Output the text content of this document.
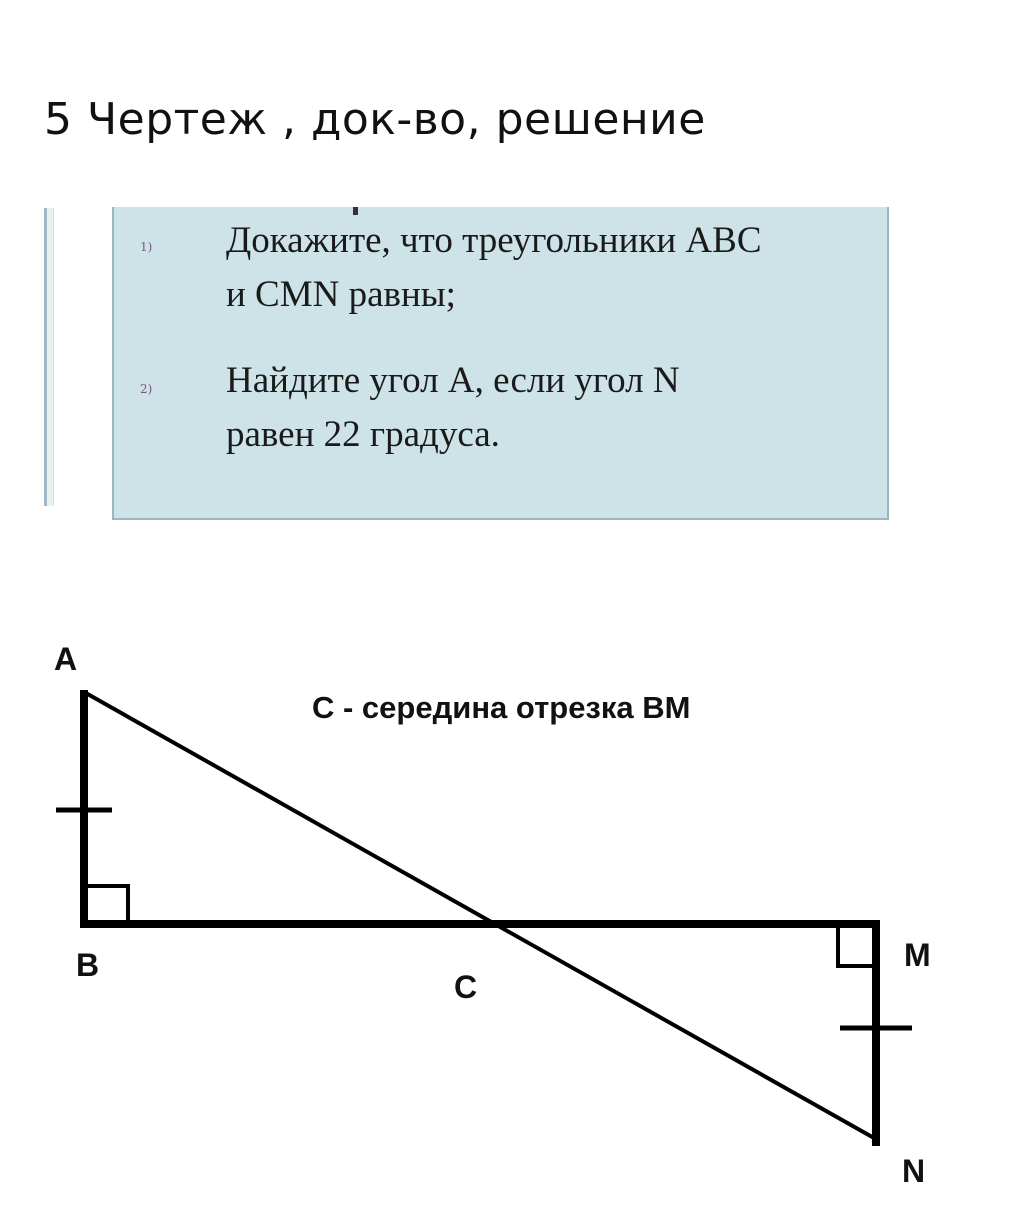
5 Чертеж , док-во, решение
1) Докажите, что треугольники ABC
и CMN равны;
2) Найдите угол A, если угол N
равен 22 градуса.
A
B
C
M
N
C - середина отрезка BM
